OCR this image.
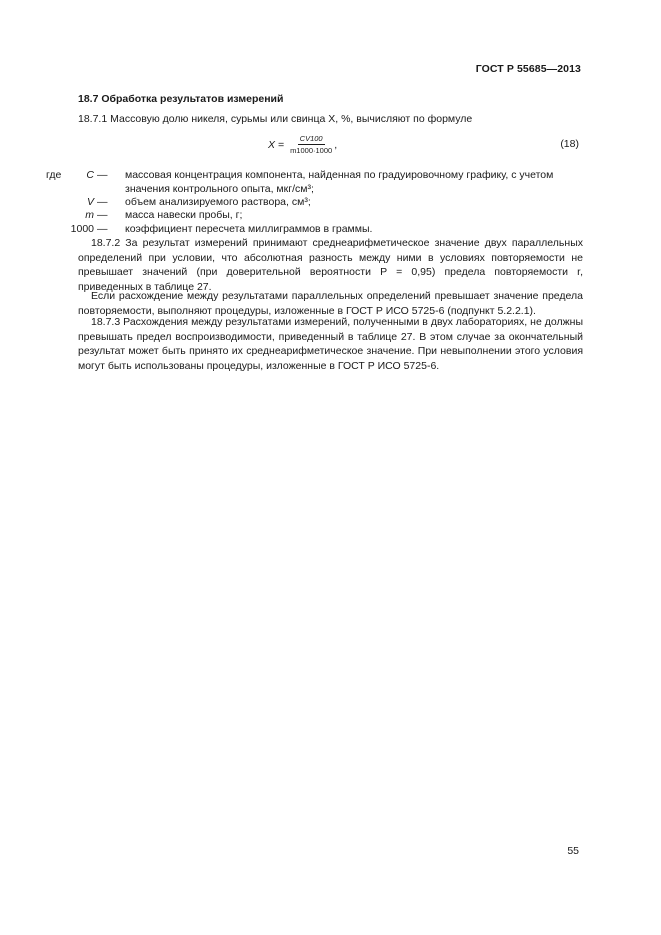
ГОСТ Р 55685—2013
18.7 Обработка результатов измерений
18.7.1 Массовую долю никеля, сурьмы или свинца X, %, вычисляют по формуле
$X = \frac{CV100}{m1000\cdot 1000}$ ,	(18)
где	C — массовая концентрация компонента, найденная по градуировочному графику, с учетом значения контрольного опыта, мкг/см³;
V — объем анализируемого раствора, см³;
m — масса навески пробы, г;
1000 — коэффициент пересчета миллиграммов в граммы.
18.7.2 За результат измерений принимают среднеарифметическое значение двух параллельных определений при условии, что абсолютная разность между ними в условиях повторяемости не превышает значений (при доверительной вероятности P = 0,95) предела повторяемости r, приведенных в таблице 27.
Если расхождение между результатами параллельных определений превышает значение предела повторяемости, выполняют процедуры, изложенные в ГОСТ Р ИСО 5725-6 (подпункт 5.2.2.1).
18.7.3 Расхождения между результатами измерений, полученными в двух лабораториях, не должны превышать предел воспроизводимости, приведенный в таблице 27. В этом случае за окончательный результат может быть принято их среднеарифметическое значение. При невыполнении этого условия могут быть использованы процедуры, изложенные в ГОСТ Р ИСО 5725-6.
55
